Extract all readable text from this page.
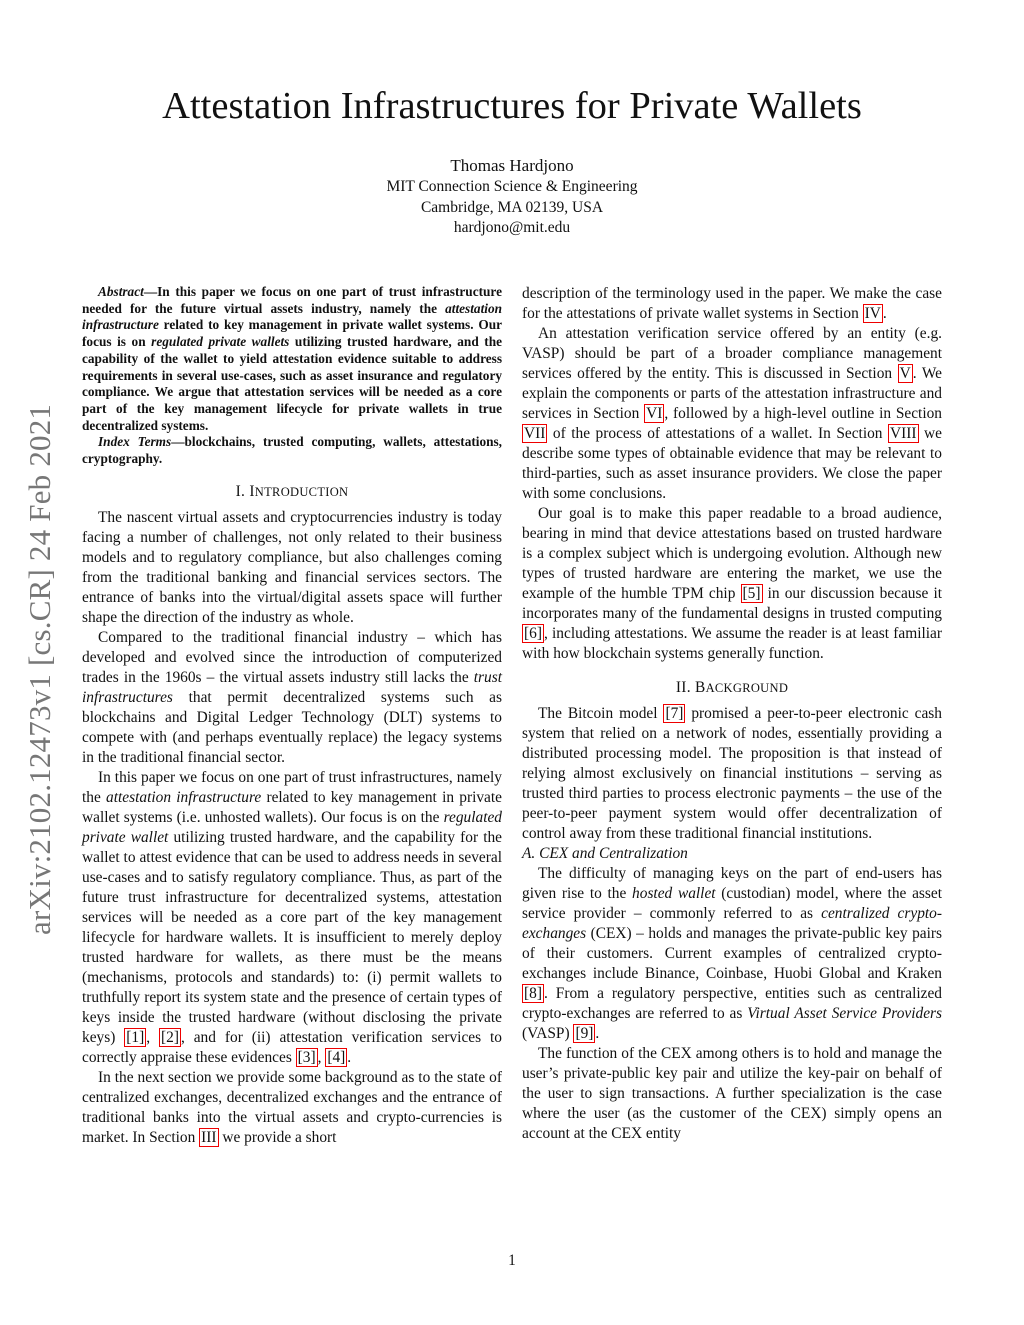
arXiv:2102.12473v1 [cs.CR] 24 Feb 2021
Attestation Infrastructures for Private Wallets
Thomas Hardjono
MIT Connection Science & Engineering
Cambridge, MA 02139, USA
hardjono@mit.edu

Abstract—In this paper we focus on one part of trust infrastructure needed for the future virtual assets industry, namely the attestation infrastructure related to key management in private wallet systems. Our focus is on regulated private wallets utilizing trusted hardware, and the capability of the wallet to yield attestation evidence suitable to address requirements in several use-cases, such as asset insurance and regulatory compliance. We argue that attestation services will be needed as a core part of the key management lifecycle for private wallets in true decentralized systems.

Index Terms—blockchains, trusted computing, wallets, attestations, cryptography.

I. INTRODUCTION

The nascent virtual assets and cryptocurrencies industry is today facing a number of challenges, not only related to their business models and to regulatory compliance, but also challenges coming from the traditional banking and financial services sectors. The entrance of banks into the virtual/digital assets space will further shape the direction of the industry as whole.

Compared to the traditional financial industry – which has developed and evolved since the introduction of computerized trades in the 1960s – the virtual assets industry still lacks the trust infrastructures that permit decentralized systems such as blockchains and Digital Ledger Technology (DLT) systems to compete with (and perhaps eventually replace) the legacy systems in the traditional financial sector.

In this paper we focus on one part of trust infrastructures, namely the attestation infrastructure related to key management in private wallet systems (i.e. unhosted wallets). Our focus is on the regulated private wallet utilizing trusted hardware, and the capability for the wallet to attest evidence that can be used to address needs in several use-cases and to satisfy regulatory compliance. Thus, as part of the future trust infrastructure for decentralized systems, attestation services will be needed as a core part of the key management lifecycle for hardware wallets. It is insufficient to merely deploy trusted hardware for wallets, as there must be the means (mechanisms, protocols and standards) to: (i) permit wallets to truthfully report its system state and the presence of certain types of keys inside the trusted hardware (without disclosing the private keys) [1] , [2] , and for (ii) attestation verification services to correctly appraise these evidences [3] , [4] .

In the next section we provide some background as to the state of centralized exchanges, decentralized exchanges and the entrance of traditional banks into the virtual assets and crypto-currencies is market. In Section III we provide a short

description of the terminology used in the paper. We make the case for the attestations of private wallet systems in Section IV .

An attestation verification service offered by an entity (e.g. VASP) should be part of a broader compliance management services offered by the entity. This is discussed in Section V . We explain the components or parts of the attestation infrastructure and services in Section VI , followed by a high-level outline in Section VII of the process of attestations of a wallet. In Section VIII we describe some types of obtainable evidence that may be relevant to third-parties, such as asset insurance providers. We close the paper with some conclusions.

Our goal is to make this paper readable to a broad audience, bearing in mind that device attestations based on trusted hardware is a complex subject which is undergoing evolution. Although new types of trusted hardware are entering the market, we use the example of the humble TPM chip [5] in our discussion because it incorporates many of the fundamental designs in trusted computing [6] , including attestations. We assume the reader is at least familiar with how blockchain systems generally function.

II. BACKGROUND

The Bitcoin model [7] promised a peer-to-peer electronic cash system that relied on a network of nodes, essentially providing a distributed processing model. The proposition is that instead of relying almost exclusively on financial institutions – serving as trusted third parties to process electronic payments – the use of the peer-to-peer payment system would offer decentralization of control away from these traditional financial institutions.

A. CEX and Centralization

The difficulty of managing keys on the part of end-users has given rise to the hosted wallet (custodian) model, where the asset service provider – commonly referred to as centralized crypto-exchanges (CEX) – holds and manages the private-public key pairs of their customers. Current examples of centralized crypto-exchanges include Binance, Coinbase, Huobi Global and Kraken [8] . From a regulatory perspective, entities such as centralized crypto-exchanges are referred to as Virtual Asset Service Providers (VASP) [9] .

The function of the CEX among others is to hold and manage the user’s private-public key pair and utilize the key-pair on behalf of the user to sign transactions. A further specialization is the case where the user (as the customer of the CEX) simply opens an account at the CEX entity

1
